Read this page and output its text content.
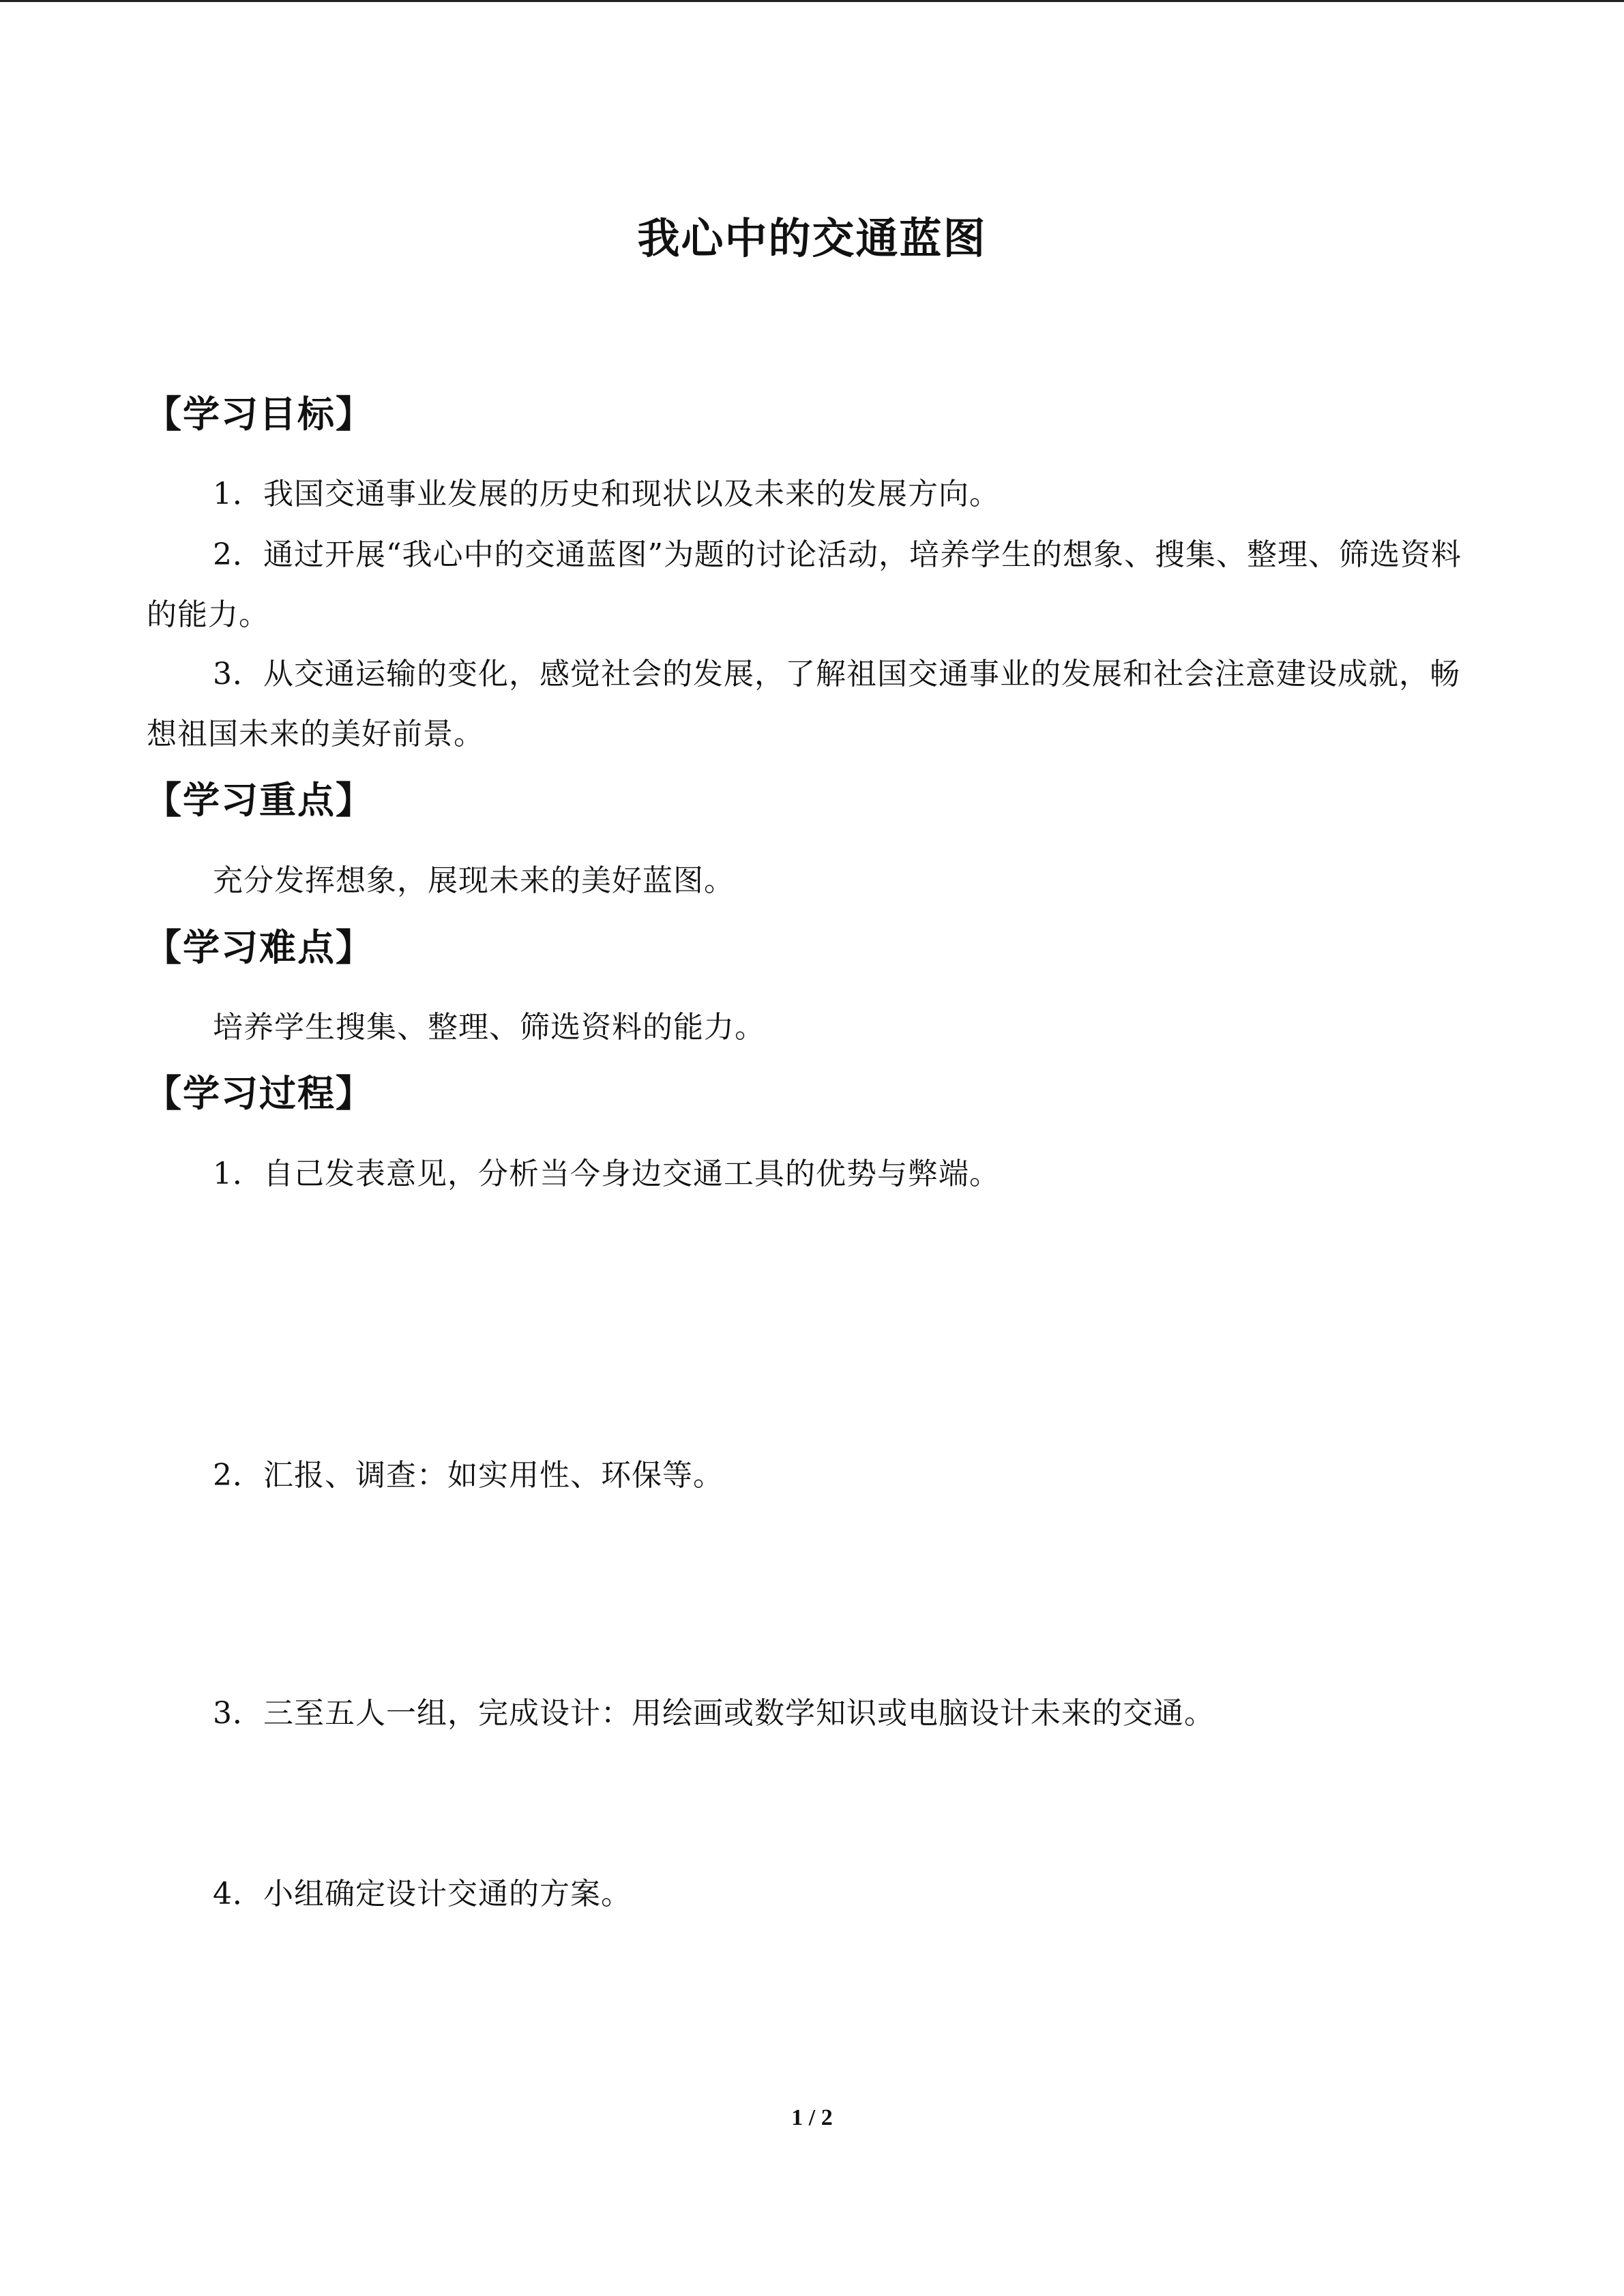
我心中的交通蓝图
【学习目标】
1．我国交通事业发展的历史和现状以及未来的发展方向。
2．通过开展“我心中的交通蓝图”为题的讨论活动，培养学生的想象、搜集、整理、筛选资料的能力。
3．从交通运输的变化，感觉社会的发展，了解祖国交通事业的发展和社会注意建设成就，畅想祖国未来的美好前景。
【学习重点】
充分发挥想象，展现未来的美好蓝图。
【学习难点】
培养学生搜集、整理、筛选资料的能力。
【学习过程】
1．自己发表意见，分析当今身边交通工具的优势与弊端。
2．汇报、调查：如实用性、环保等。
3．三至五人一组，完成设计：用绘画或数学知识或电脑设计未来的交通。
4．小组确定设计交通的方案。
1 / 2
